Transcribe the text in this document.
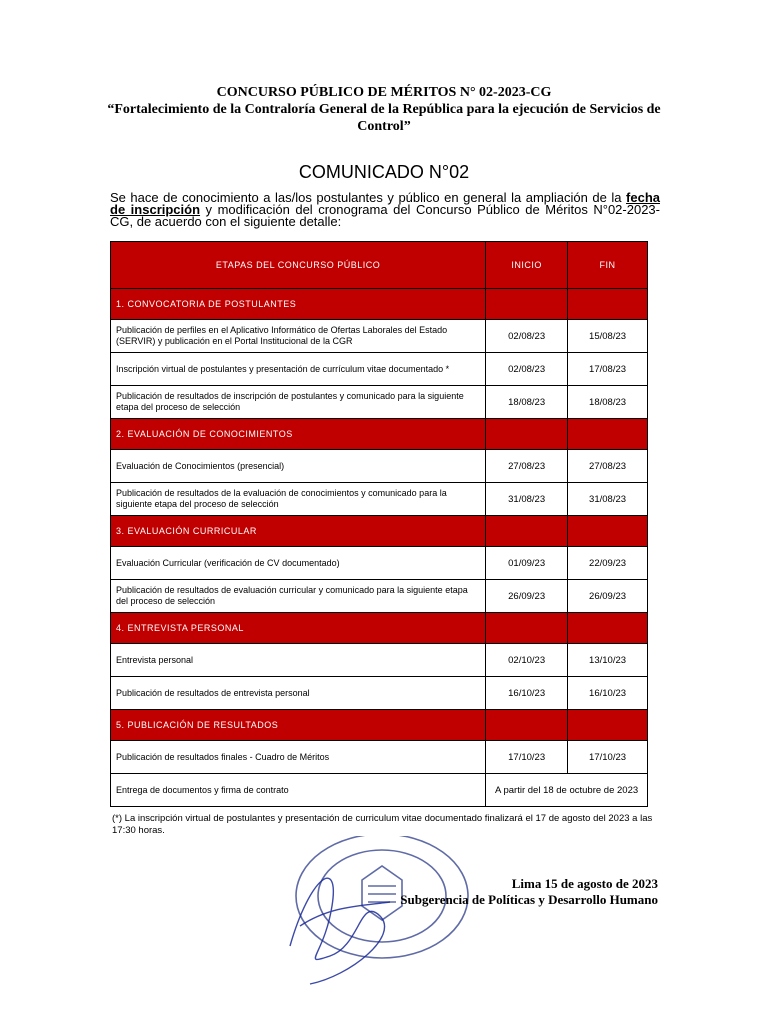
CONCURSO PÚBLICO DE MÉRITOS N° 02-2023-CG
“Fortalecimiento de la Contraloría General de la República para la ejecución de Servicios de Control”
COMUNICADO N°02
Se hace de conocimiento a las/los postulantes y público en general la ampliación de la fecha de inscripción y modificación del cronograma del Concurso Público de Méritos N°02-2023-CG, de acuerdo con el siguiente detalle:
ETAPAS DEL CONCURSO PÚBLICO	INICIO	FIN
1. CONVOCATORIA DE POSTULANTES		
Publicación de perfiles en el Aplicativo Informático de Ofertas Laborales del Estado (SERVIR) y publicación en el Portal Institucional de la CGR	02/08/23	15/08/23
Inscripción virtual de postulantes y presentación de currículum vitae documentado *	02/08/23	17/08/23
Publicación de resultados de inscripción de postulantes y comunicado para la siguiente etapa del proceso de selección	18/08/23	18/08/23
2. EVALUACIÓN DE CONOCIMIENTOS		
Evaluación de Conocimientos (presencial)	27/08/23	27/08/23
Publicación de resultados de la evaluación de conocimientos y comunicado para la siguiente etapa del proceso de selección	31/08/23	31/08/23
3. EVALUACIÓN CURRICULAR		
Evaluación Curricular (verificación de CV documentado)	01/09/23	22/09/23
Publicación de resultados de evaluación curricular y comunicado para la siguiente etapa del proceso de selección	26/09/23	26/09/23
4. ENTREVISTA PERSONAL		
Entrevista personal	02/10/23	13/10/23
Publicación de resultados de entrevista personal	16/10/23	16/10/23
5. PUBLICACIÓN DE RESULTADOS		
Publicación de resultados finales - Cuadro de Méritos	17/10/23	17/10/23
Entrega de documentos y firma de contrato	A partir del 18 de octubre de 2023	
(*) La inscripción virtual de postulantes y presentación de curriculum vitae documentado finalizará el 17 de agosto del 2023 a las 17:30 horas.
Lima 15 de agosto de 2023
Subgerencia de Políticas y Desarrollo Humano
